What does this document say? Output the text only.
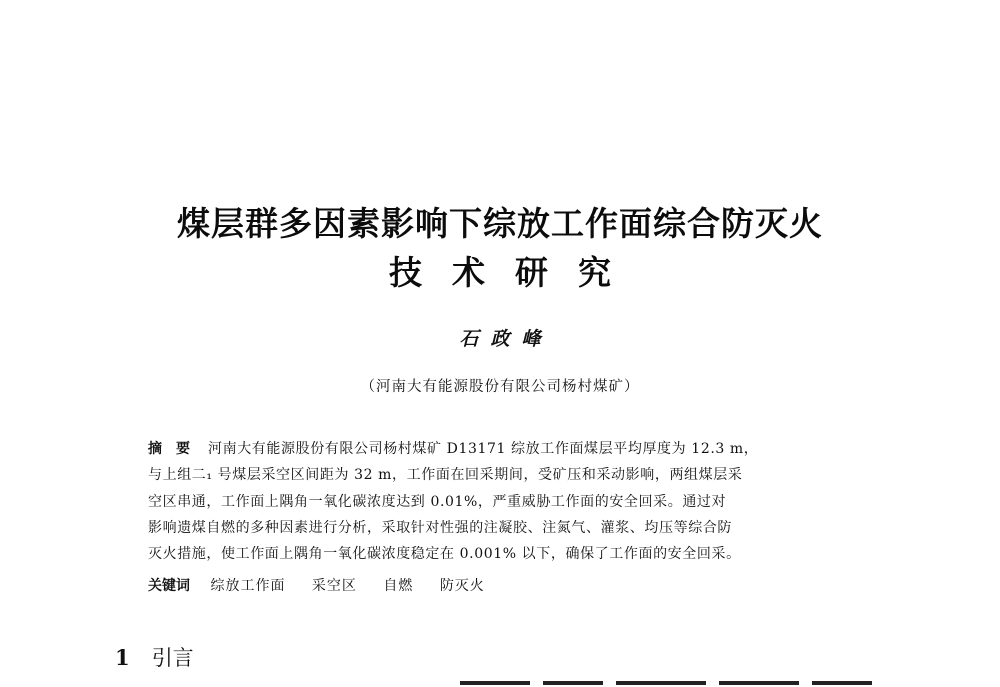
煤层群多因素影响下综放工作面综合防灭火
技术研究
石政峰
（河南大有能源股份有限公司杨村煤矿）
摘要 河南大有能源股份有限公司杨村煤矿 D13171 综放工作面煤层平均厚度为 12.3 m，
与上组二₁ 号煤层采空区间距为 32 m，工作面在回采期间，受矿压和采动影响，两组煤层采
空区串通，工作面上隅角一氧化碳浓度达到 0.01%，严重威胁工作面的安全回采。通过对
影响遗煤自燃的多种因素进行分析，采取针对性强的注凝胶、注氮气、灌浆、均压等综合防
灭火措施，使工作面上隅角一氧化碳浓度稳定在 0.001% 以下，确保了工作面的安全回采。
关键词 综放工作面 采空区 自燃 防灭火
1 引言
